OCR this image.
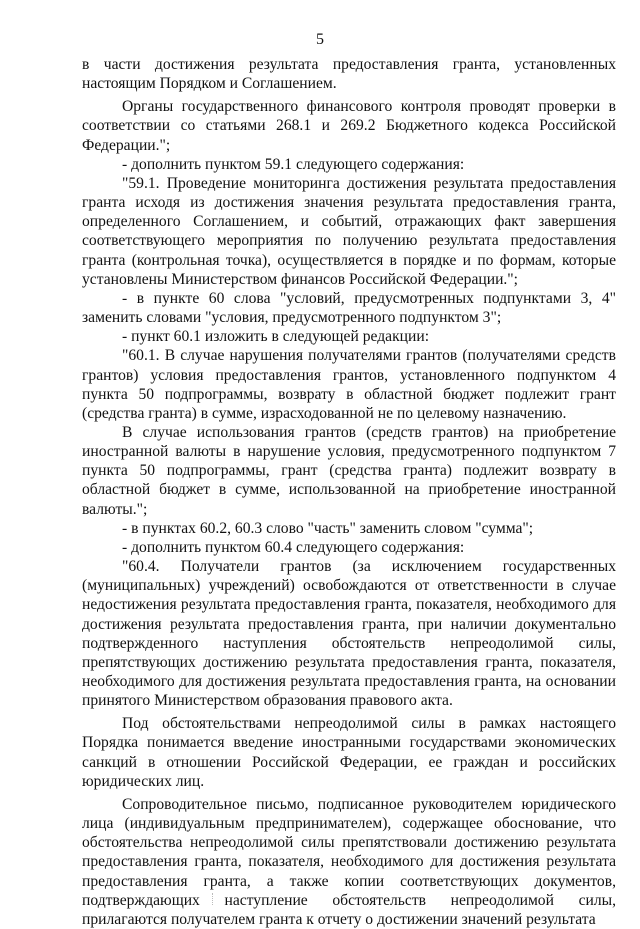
5

в части достижения результата предоставления гранта, установленных настоящим Порядком и Соглашением.

Органы государственного финансового контроля проводят проверки в соответствии со статьями 268.1 и 269.2 Бюджетного кодекса Российской Федерации.";

- дополнить пунктом 59.1 следующего содержания:

"59.1. Проведение мониторинга достижения результата предоставления гранта исходя из достижения значения результата предоставления гранта, определенного Соглашением, и событий, отражающих факт завершения соответствующего мероприятия по получению результата предоставления гранта (контрольная точка), осуществляется в порядке и по формам, которые установлены Министерством финансов Российской Федерации.";

- в пункте 60 слова "условий, предусмотренных подпунктами 3, 4" заменить словами "условия, предусмотренного подпунктом 3";

- пункт 60.1 изложить в следующей редакции:

"60.1. В случае нарушения получателями грантов (получателями средств грантов) условия предоставления грантов, установленного подпунктом 4 пункта 50 подпрограммы, возврату в областной бюджет подлежит грант (средства гранта) в сумме, израсходованной не по целевому назначению.

В случае использования грантов (средств грантов) на приобретение иностранной валюты в нарушение условия, предусмотренного подпунктом 7 пункта 50 подпрограммы, грант (средства гранта) подлежит возврату в областной бюджет в сумме, использованной на приобретение иностранной валюты.";

- в пунктах 60.2, 60.3 слово "часть" заменить словом "сумма";

- дополнить пунктом 60.4 следующего содержания:

"60.4. Получатели грантов (за исключением государственных (муниципальных) учреждений) освобождаются от ответственности в случае недостижения результата предоставления гранта, показателя, необходимого для достижения результата предоставления гранта, при наличии документально подтвержденного наступления обстоятельств непреодолимой силы, препятствующих достижению результата предоставления гранта, показателя, необходимого для достижения результата предоставления гранта, на основании принятого Министерством образования правового акта.

Под обстоятельствами непреодолимой силы в рамках настоящего Порядка понимается введение иностранными государствами экономических санкций в отношении Российской Федерации, ее граждан и российских юридических лиц.

Сопроводительное письмо, подписанное руководителем юридического лица (индивидуальным предпринимателем), содержащее обоснование, что обстоятельства непреодолимой силы препятствовали достижению результата предоставления гранта, показателя, необходимого для достижения результата предоставления гранта, а также копии соответствующих документов, подтверждающих наступление обстоятельств непреодолимой силы, прилагаются получателем гранта к отчету о достижении значений результата
